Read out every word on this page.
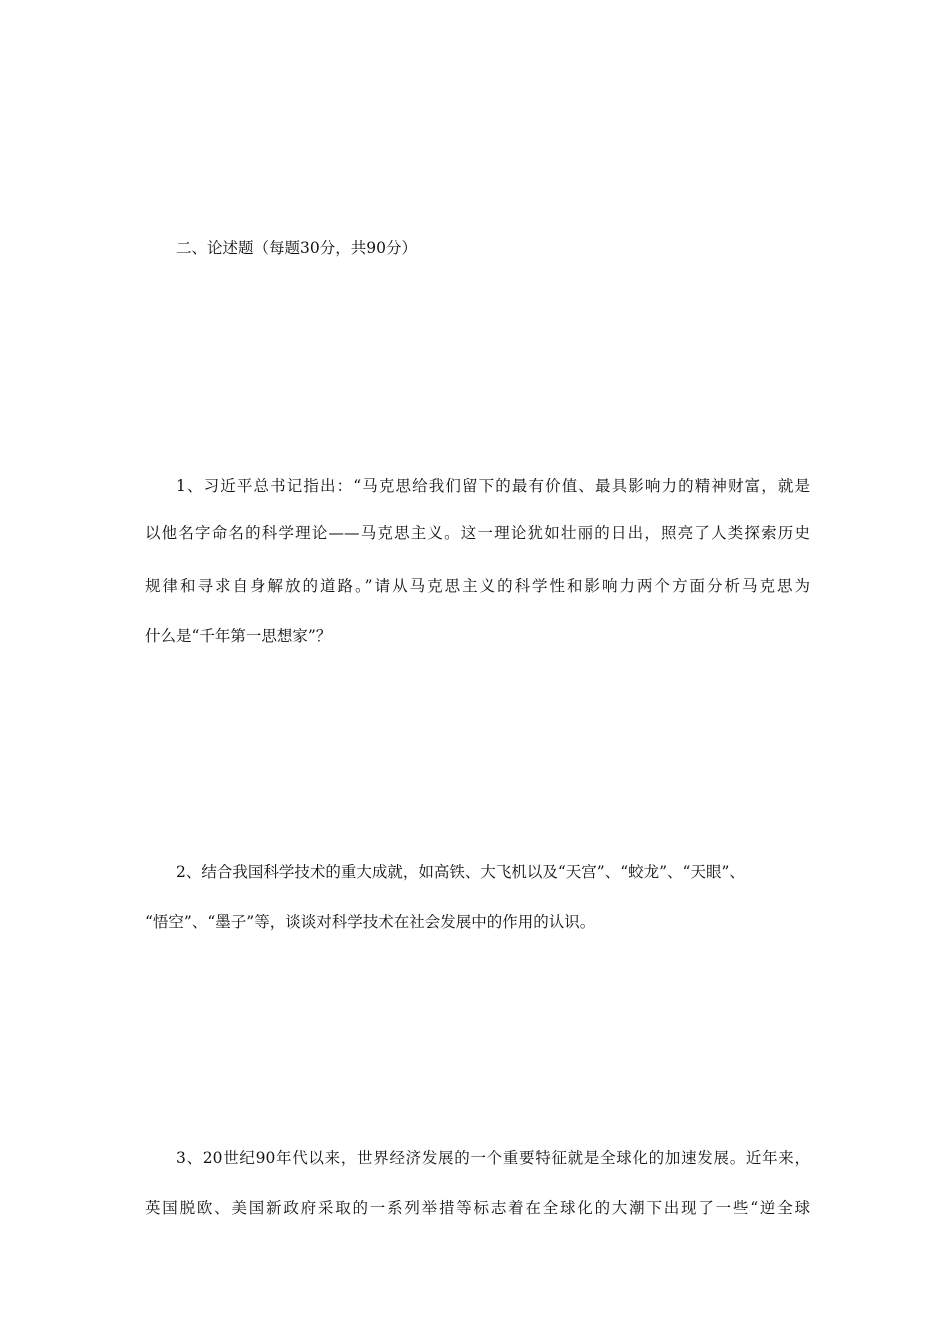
二、论述题（每题30分，共90分）

1、习近平总书记指出：“马克思给我们留下的最有价值、最具影响力的精神财富，就是

以他名字命名的科学理论——马克思主义。这一理论犹如壮丽的日出，照亮了人类探索历史

规律和寻求自身解放的道路。”请从马克思主义的科学性和影响力两个方面分析马克思为

什么是“千年第一思想家”？

2、结合我国科学技术的重大成就，如高铁、大飞机以及“天宫”、“蛟龙”、“天眼”、

“悟空”、“墨子”等，谈谈对科学技术在社会发展中的作用的认识。

3、20世纪90年代以来，世界经济发展的一个重要特征就是全球化的加速发展。近年来，

英国脱欧、美国新政府采取的一系列举措等标志着在全球化的大潮下出现了一些“逆全球
